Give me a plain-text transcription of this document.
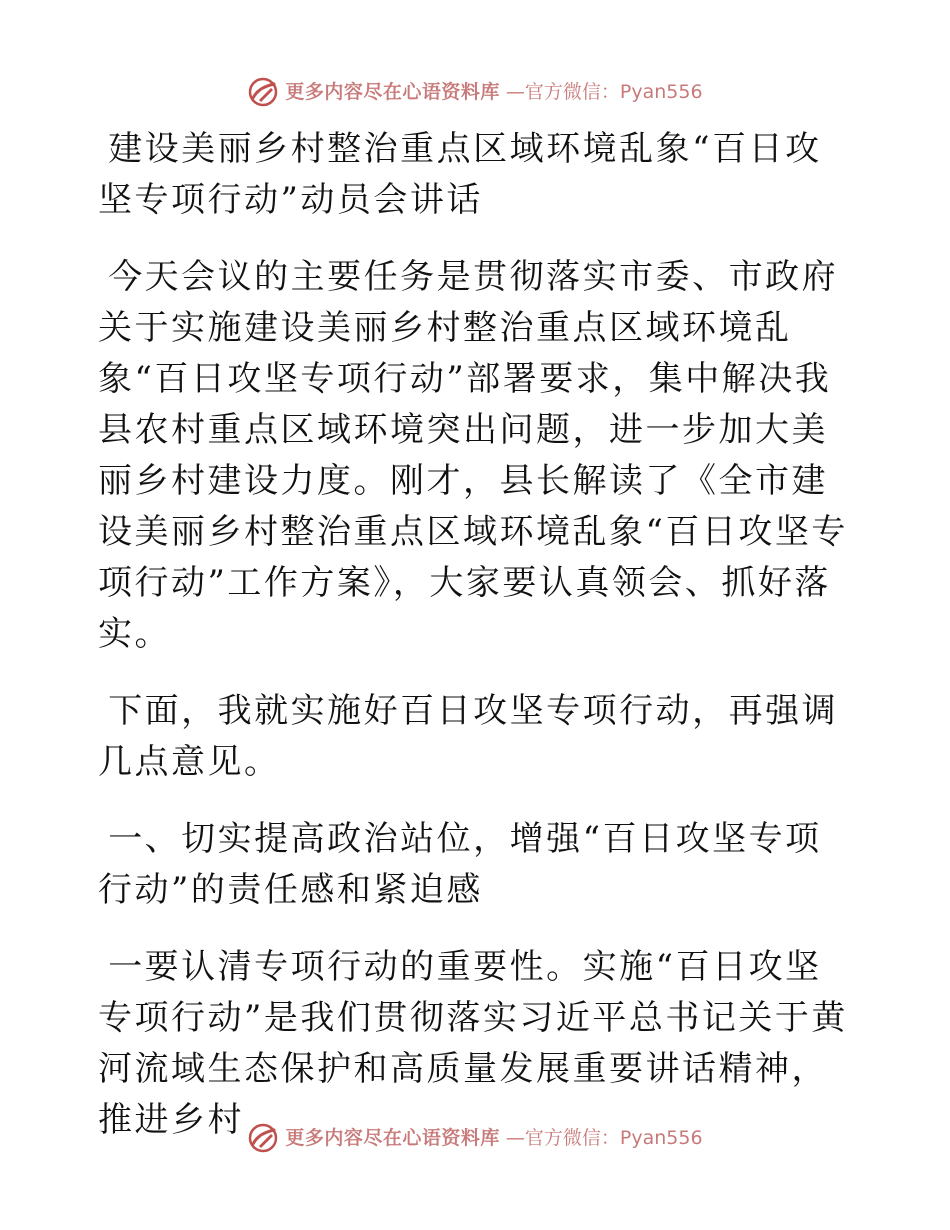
更多内容尽在心语资料库 —官方微信：Pyan556

建设美丽乡村整治重点区域环境乱象“百日攻坚专项行动”动员会讲话

今天会议的主要任务是贯彻落实市委、市政府关于实施建设美丽乡村整治重点区域环境乱象“百日攻坚专项行动”部署要求，集中解决我县农村重点区域环境突出问题，进一步加大美丽乡村建设力度。刚才，县长解读了《全市建设美丽乡村整治重点区域环境乱象“百日攻坚专项行动”工作方案》，大家要认真领会、抓好落实。

下面，我就实施好百日攻坚专项行动，再强调几点意见。

一、切实提高政治站位，增强“百日攻坚专项行动”的责任感和紧迫感

一要认清专项行动的重要性。实施“百日攻坚专项行动”是我们贯彻落实习近平总书记关于黄河流域生态保护和高质量发展重要讲话精神，推进乡村	更多内容尽在心语资料库 —官方微信：Pyan556
